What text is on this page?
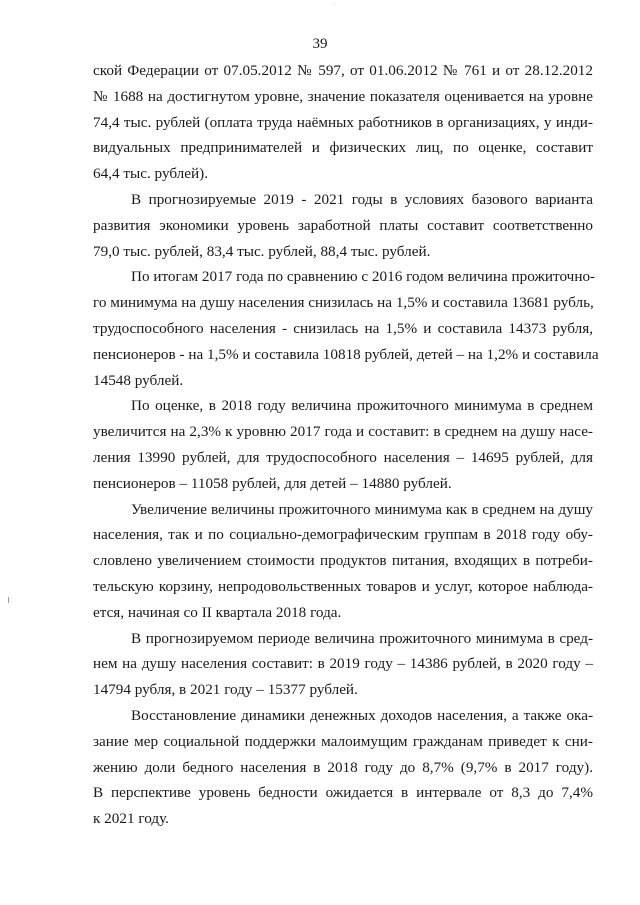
39
ской Федерации от 07.05.2012 № 597, от 01.06.2012 № 761 и от 28.12.2012
№ 1688 на достигнутом уровне, значение показателя оценивается на уровне
74,4 тыс. рублей (оплата труда наёмных работников в организациях, у инди-
видуальных предпринимателей и физических лиц, по оценке, составит
64,4 тыс. рублей).
В прогнозируемые 2019 - 2021 годы в условиях базового варианта
развития экономики уровень заработной платы составит соответственно
79,0 тыс. рублей, 83,4 тыс. рублей, 88,4 тыс. рублей.
По итогам 2017 года по сравнению с 2016 годом величина прожиточно-
го минимума на душу населения снизилась на 1,5% и составила 13681 рубль,
трудоспособного населения - снизилась на 1,5% и составила 14373 рубля,
пенсионеров - на 1,5% и составила 10818 рублей, детей – на 1,2% и составила
14548 рублей.
По оценке, в 2018 году величина прожиточного минимума в среднем
увеличится на 2,3% к уровню 2017 года и составит: в среднем на душу насе-
ления 13990 рублей, для трудоспособного населения – 14695 рублей, для
пенсионеров – 11058 рублей, для детей – 14880 рублей.
Увеличение величины прожиточного минимума как в среднем на душу
населения, так и по социально-демографическим группам в 2018 году обу-
словлено увеличением стоимости продуктов питания, входящих в потреби-
тельскую корзину, непродовольственных товаров и услуг, которое наблюда-
ется, начиная со II квартала 2018 года.
В прогнозируемом периоде величина прожиточного минимума в сред-
нем на душу населения составит: в 2019 году – 14386 рублей, в 2020 году –
14794 рубля, в 2021 году – 15377 рублей.
Восстановление динамики денежных доходов населения, а также ока-
зание мер социальной поддержки малоимущим гражданам приведет к сни-
жению доли бедного населения в 2018 году до 8,7% (9,7% в 2017 году).
В перспективе уровень бедности ожидается в интервале от 8,3 до 7,4%
к 2021 году.
